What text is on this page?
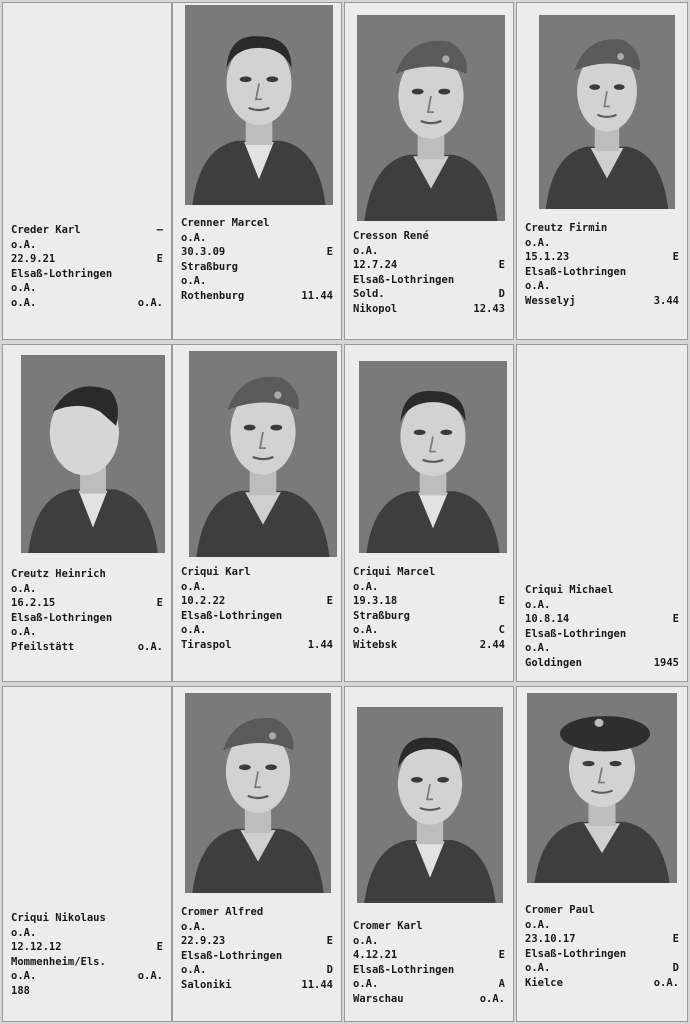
Creder Karl	–
o.A.
22.9.21	E
Elsaß-Lothringen
o.A.
o.A.	o.A.
Crenner Marcel
o.A.
30.3.09	E
Straßburg
o.A.
Rothenburg	11.44
Cresson René
o.A.
12.7.24	E
Elsaß-Lothringen
Sold.	D
Nikopol	12.43
Creutz Firmin
o.A.
15.1.23	E
Elsaß-Lothringen
o.A.
Wesselyj	3.44
Creutz Heinrich
o.A.
16.2.15	E
Elsaß-Lothringen
o.A.
Pfeilstätt	o.A.
Criqui Karl
o.A.
10.2.22	E
Elsaß-Lothringen
o.A.
Tiraspol	1.44
Criqui Marcel
o.A.
19.3.18	E
Straßburg
o.A.	C
Witebsk	2.44
Criqui Michael
o.A.
10.8.14	E
Elsaß-Lothringen
o.A.
Goldingen	1945
Criqui Nikolaus
o.A.
12.12.12	E
Mommenheim/Els.
o.A.	o.A.
188
Cromer Alfred
o.A.
22.9.23	E
Elsaß-Lothringen
o.A.	D
Saloniki	11.44
Cromer Karl
o.A.
4.12.21	E
Elsaß-Lothringen
o.A.	A
Warschau	o.A.
Cromer Paul
o.A.
23.10.17	E
Elsaß-Lothringen
o.A.	D
Kielce	o.A.
